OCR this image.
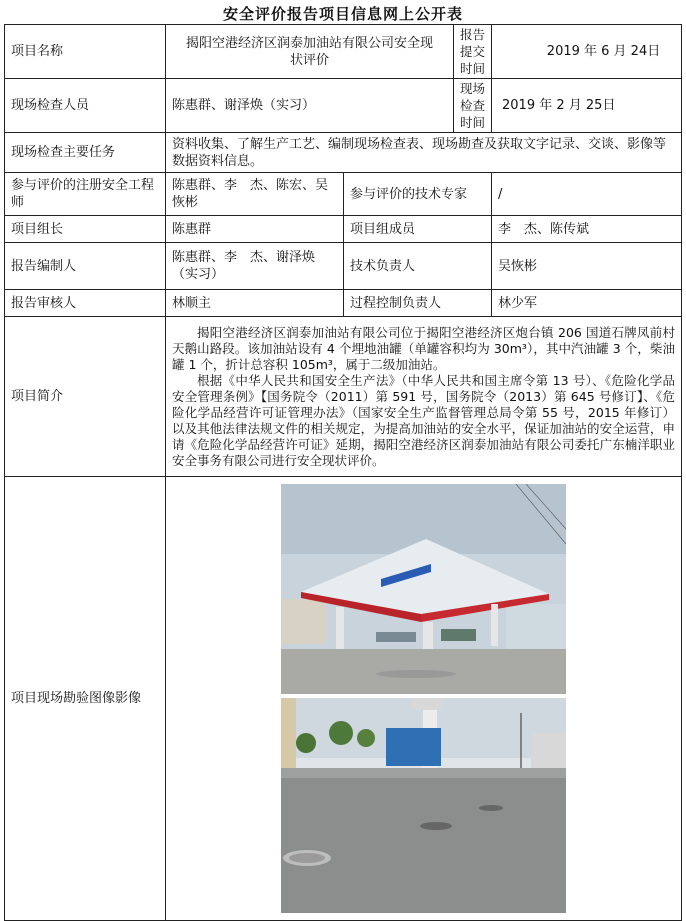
安全评价报告项目信息网上公开表
项目名称	揭阳空港经济区润泰加油站有限公司安全现状评价		报告提交时间	2019 年 6 月 24日
现场检查人员	陈惠群、谢泽焕（实习）		现场检查时间	2019 年 2 月 25日
现场检查主要任务	资料收集、了解生产工艺、编制现场检查表、现场勘查及获取文字记录、交谈、影像等数据资料信息。			
参与评价的注册安全工程师	陈惠群、李　杰、陈宏、吴恢彬	参与评价的技术专家		/
项目组长	陈惠群	项目组成员		李　杰、陈传斌
报告编制人	陈惠群、李　杰、谢泽焕（实习）	技术负责人		吴恢彬
报告审核人	林顺主	过程控制负责人		林少军
项目简介	揭阳空港经济区润泰加油站有限公司位于揭阳空港经济区炮台镇 206 国道石牌凤前村天鹅山路段。该加油站设有 4 个埋地油罐（单罐容积均为 30m³），其中汽油罐 3 个，柴油罐 1 个，折计总容积 105m³，属于二级加油站。

根据《中华人民共和国安全生产法》（中华人民共和国主席令第 13 号）、《危险化学品安全管理条例》【国务院令（2011）第 591 号，国务院令（2013）第 645 号修订】、《危险化学品经营许可证管理办法》（国家安全生产监督管理总局令第 55 号，2015 年修订）以及其他法律法规文件的相关规定，为提高加油站的安全水平，保证加油站的安全运营，申请《危险化学品经营许可证》延期，揭阳空港经济区润泰加油站有限公司委托广东楠洋职业安全事务有限公司进行安全现状评价。			

项目现场勘验图像影像	
